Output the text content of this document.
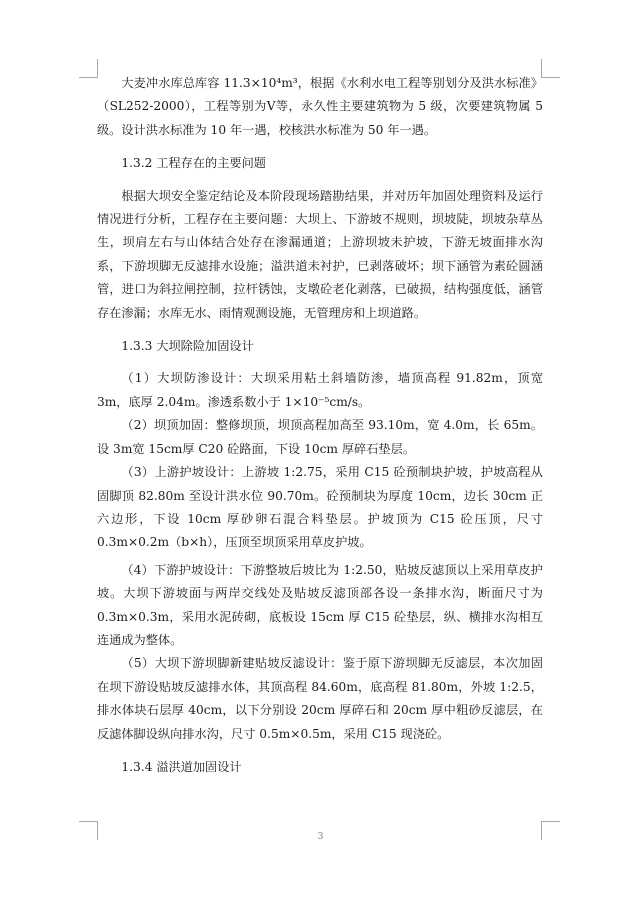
大麦冲水库总库容 11.3×10⁴m³，根据《水利水电工程等别划分及洪水标准》（SL252-2000），工程等别为Ⅴ等，永久性主要建筑物为 5 级，次要建筑物属 5 级。设计洪水标准为 10 年一遇，校核洪水标准为 50 年一遇。

1.3.2 工程存在的主要问题

根据大坝安全鉴定结论及本阶段现场踏勘结果，并对历年加固处理资料及运行情况进行分析，工程存在主要问题：大坝上、下游坡不规则，坝坡陡，坝坡杂草丛生，坝肩左右与山体结合处存在渗漏通道；上游坝坡未护坡，下游无坡面排水沟系，下游坝脚无反滤排水设施；溢洪道未衬护，已剥落破坏；坝下涵管为素砼圆涵管，进口为斜拉闸控制，拉杆锈蚀，支墩砼老化剥落，已破损，结构强度低，涵管存在渗漏；水库无水、雨情观测设施，无管理房和上坝道路。

1.3.3 大坝除险加固设计

（1）大坝防渗设计：大坝采用粘土斜墙防渗，墙顶高程 91.82m，顶宽 3m，底厚 2.04m。渗透系数小于 1×10⁻⁵cm/s。

（2）坝顶加固：整修坝顶，坝顶高程加高至 93.10m，宽 4.0m，长 65m。设 3m宽 15cm厚 C20 砼路面，下设 10cm 厚碎石垫层。

（3）上游护坡设计：上游坡 1:2.75，采用 C15 砼预制块护坡，护坡高程从固脚顶 82.80m 至设计洪水位 90.70m。砼预制块为厚度 10cm，边长 30cm 正六边形，下设 10cm 厚砂卵石混合料垫层。护坡顶为 C15 砼压顶，尺寸 0.3m×0.2m（b×h），压顶至坝顶采用草皮护坡。

（4）下游护坡设计：下游整坡后坡比为 1:2.50，贴坡反滤顶以上采用草皮护坡。大坝下游坡面与两岸交线处及贴坡反滤顶部各设一条排水沟，断面尺寸为 0.3m×0.3m，采用水泥砖砌，底板设 15cm 厚 C15 砼垫层，纵、横排水沟相互连通成为整体。

（5）大坝下游坝脚新建贴坡反滤设计：鉴于原下游坝脚无反滤层，本次加固在坝下游设贴坡反滤排水体，其顶高程 84.60m，底高程 81.80m，外坡 1:2.5，排水体块石层厚 40cm，以下分别设 20cm 厚碎石和 20cm 厚中粗砂反滤层，在反滤体脚设纵向排水沟，尺寸 0.5m×0.5m，采用 C15 现浇砼。

1.3.4 溢洪道加固设计

3
